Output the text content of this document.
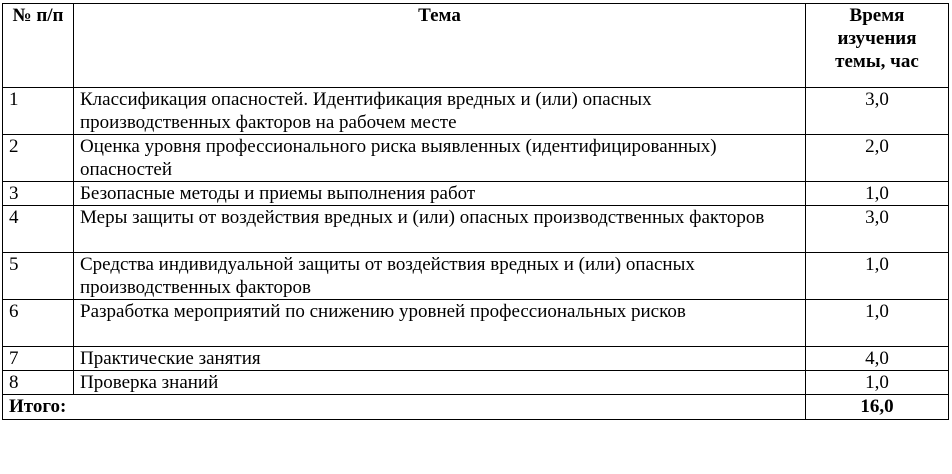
№ п/п	Тема	Время изучения темы, час
1	Классификация опасностей. Идентификация вредных и (или) опасных производственных факторов на рабочем месте	3,0
2	Оценка уровня профессионального риска выявленных (идентифицированных) опасностей	2,0
3	Безопасные методы и приемы выполнения работ	1,0
4	Меры защиты от воздействия вредных и (или) опасных производственных факторов	3,0
5	Средства индивидуальной защиты от воздействия вредных и (или) опасных производственных факторов	1,0
6	Разработка мероприятий по снижению уровней профессиональных рисков	1,0
7	Практические занятия	4,0
8	Проверка знаний	1,0
Итого:		16,0
